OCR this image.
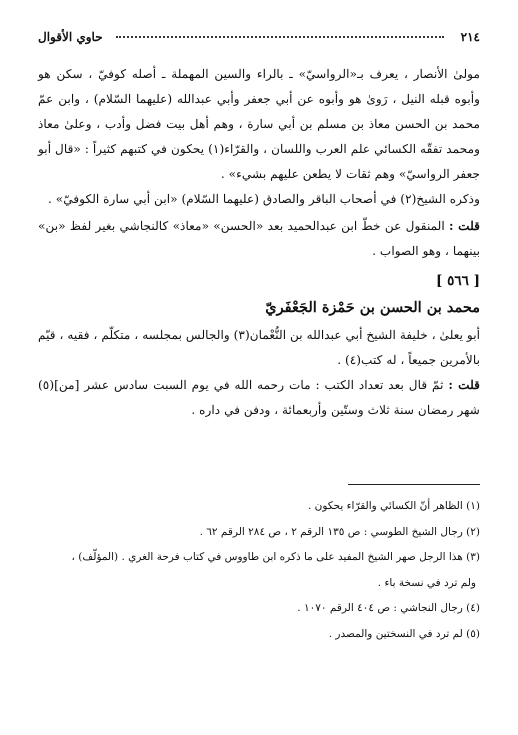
٢١٤
حاوي الأقوال

مولىٰ الأنصار ، يعرف بـ«الرواسيّ» ـ بالراء والسين المهملة ـ أصله كوفيّ ، سكن هو وأبوه قبله النيل ، رَوىٰ هو وأبوه عن أبي جعفر وأبي عبدالله (عليهما السّلام) ، وابن عمّ محمد بن الحسن معاذ بن مسلم بن أبي سارة ، وهم أهل بيت فضل وأدب ، وعلىٰ معاذ ومحمد تفقّه الكسائي علم العرب واللسان ، والقرّاء(١) يحكون في كتبهم كثيراً : «قال أبو جعفر الرواسيّ» وهم ثقات لا يطعن عليهم بشيء» .

وذكره الشيخ(٢) في أصحاب الباقر والصادق (عليهما السّلام) «ابن أبي سارة الكوفيّ» .

قلت : المنقول عن خطّ ابن عبدالحميد بعد «الحسن» «معاذ» كالنجاشي بغير لفظ «بن» بينهما ، وهو الصواب .

[ ٥٦٦ ]
محمد بن الحسن بن حَمْزة الجَعْفَريّ

أبو يعلىٰ ، خليفة الشيخ أبي عبدالله بن النُّعْمان(٣) والجالس بمجلسه ، متكلّم ، فقيه ، قيّم بالأمرين جميعاً ، له كتب(٤) .

قلت : ثمّ قال بعد تعداد الكتب : مات رحمه الله في يوم السبت سادس عشر [من](٥) شهر رمضان سنة ثلاث وستّين وأربعمائة ، ودفن في داره .

(١) الظاهر أنّ الكسائي والقرّاء يحكون .

(٢) رجال الشيخ الطوسي : ص ١٣٥ الرقم ٢ ، ص ٢٨٤ الرقم ٦٢ .

(٣) هذا الرجل صهر الشيخ المفيد على ما ذكره ابن طاووس في كتاب فرحة الغري . (المؤلّف) ،

ولم ترد في نسخة باء .

(٤) رجال النجاشي : ص ٤٠٤ الرقم ١٠٧٠ .

(٥) لم ترد في النسختين والمصدر .
